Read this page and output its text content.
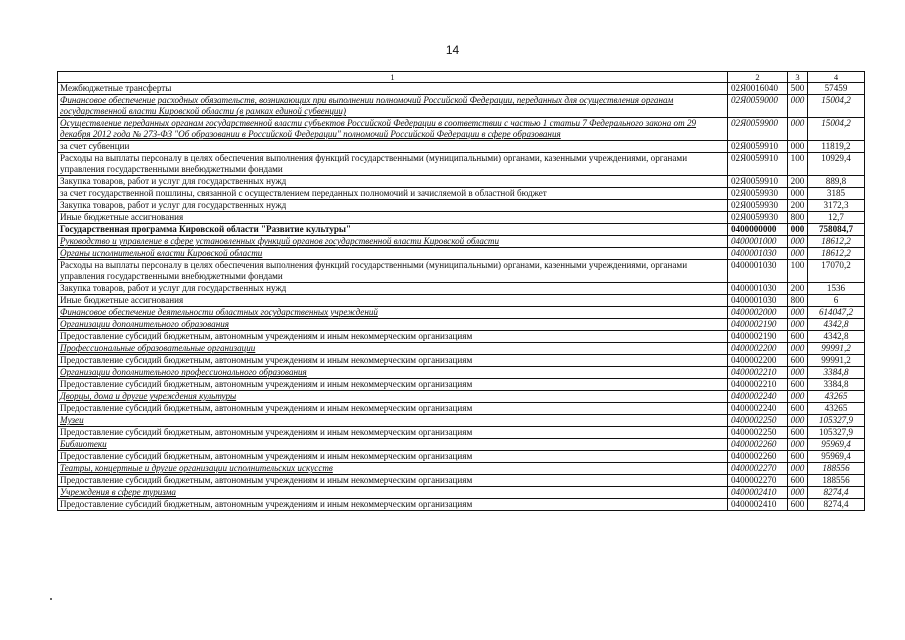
14
1	2	3	4
Межбюджетные трансферты	02Я0016040	500	57459
Финансовое обеспечение расходных обязательств, возникающих при выполнении полномочий Российской Федерации, переданных для осуществления органам государственной власти Кировской области (в рамках единой субвенции)	02Я0059000	000	15004,2
Осуществление переданных органам государственной власти субъектов Российской Федерации в соответствии с частью 1 статьи 7 Федерального закона от 29 декабря 2012 года № 273-ФЗ "Об образовании в Российской Федерации" полномочий Российской Федерации в сфере образования	02Я0059900	000	15004,2
за счет субвенции	02Я0059910	000	11819,2
Расходы на выплаты персоналу в целях обеспечения выполнения функций государственными (муниципальными) органами, казенными учреждениями, органами управления государственными внебюджетными фондами	02Я0059910	100	10929,4
Закупка товаров, работ и услуг для государственных нужд	02Я0059910	200	889,8
за счет государственной пошлины, связанной с осуществлением переданных полномочий и зачисляемой в областной бюджет	02Я0059930	000	3185
Закупка товаров, работ и услуг для государственных нужд	02Я0059930	200	3172,3
Иные бюджетные ассигнования	02Я0059930	800	12,7
Государственная программа Кировской области "Развитие культуры"	0400000000	000	758084,7
Руководство и управление в сфере установленных функций органов государственной власти Кировской области	0400001000	000	18612,2
Органы исполнительной власти Кировской области	0400001030	000	18612,2
Расходы на выплаты персоналу в целях обеспечения выполнения функций государственными (муниципальными) органами, казенными учреждениями, органами управления государственными внебюджетными фондами	0400001030	100	17070,2
Закупка товаров, работ и услуг для государственных нужд	0400001030	200	1536
Иные бюджетные ассигнования	0400001030	800	6
Финансовое обеспечение деятельности областных государственных учреждений	0400002000	000	614047,2
Организации дополнительного образования	0400002190	000	4342,8
Предоставление субсидий бюджетным, автономным учреждениям и иным некоммерческим организациям	0400002190	600	4342,8
Профессиональные образовательные организации	0400002200	000	99991,2
Предоставление субсидий бюджетным, автономным учреждениям и иным некоммерческим организациям	0400002200	600	99991,2
Организации дополнительного профессионального образования	0400002210	000	3384,8
Предоставление субсидий бюджетным, автономным учреждениям и иным некоммерческим организациям	0400002210	600	3384,8
Дворцы, дома и другие учреждения культуры	0400002240	000	43265
Предоставление субсидий бюджетным, автономным учреждениям и иным некоммерческим организациям	0400002240	600	43265
Музеи	0400002250	000	105327,9
Предоставление субсидий бюджетным, автономным учреждениям и иным некоммерческим организациям	0400002250	600	105327,9
Библиотеки	0400002260	000	95969,4
Предоставление субсидий бюджетным, автономным учреждениям и иным некоммерческим организациям	0400002260	600	95969,4
Театры, концертные и другие организации исполнительских искусств	0400002270	000	188556
Предоставление субсидий бюджетным, автономным учреждениям и иным некоммерческим организациям	0400002270	600	188556
Учреждения в сфере туризма	0400002410	000	8274,4
Предоставление субсидий бюджетным, автономным учреждениям и иным некоммерческим организациям	0400002410	600	8274,4
